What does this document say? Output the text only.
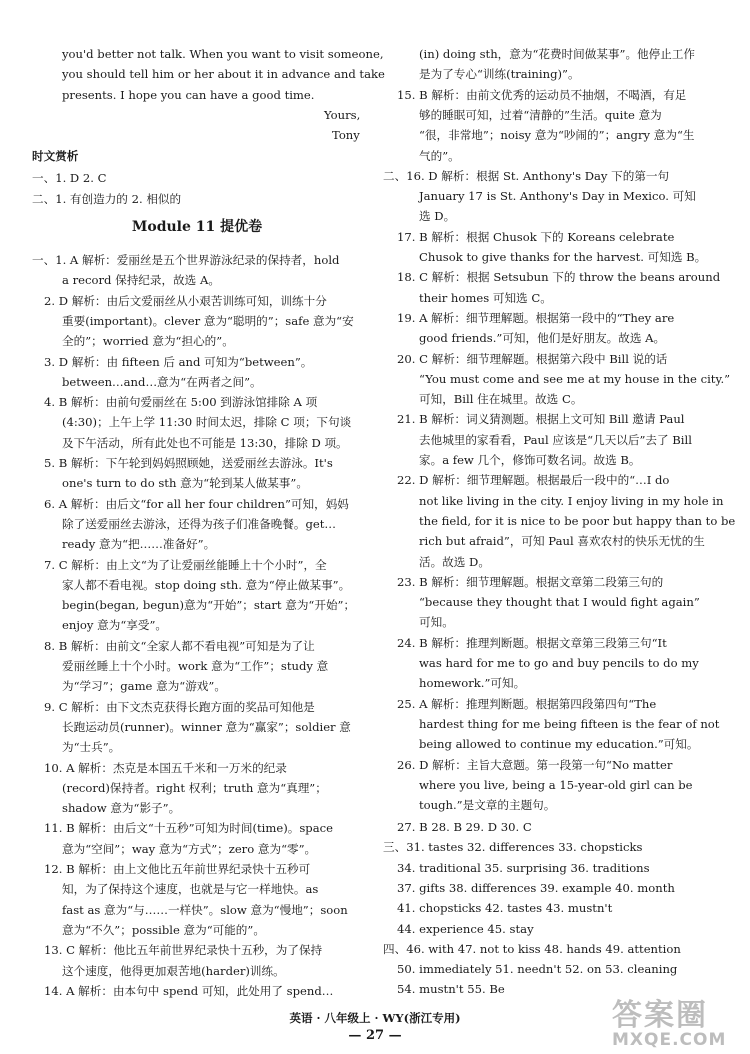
you'd better not talk. When you want to visit someone,
you should tell him or her about it in advance and take
presents. I hope you can have a good time.
Yours,
Tony
时文赏析
一、1. D 2. C
二、1. 有创造力的 2. 相似的
Module 11 提优卷
一、1. A 解析：爱丽丝是五个世界游泳纪录的保持者，hold
a record 保持纪录，故选 A。
2. D 解析：由后文爱丽丝从小艰苦训练可知，训练十分
重要(important)。clever 意为“聪明的”；safe 意为“安
全的”；worried 意为“担心的”。
3. D 解析：由 fifteen 后 and 可知为“between”。
between…and…意为“在两者之间”。
4. B 解析：由前句爱丽丝在 5:00 到游泳馆排除 A 项
(4:30)；上午上学 11:30 时间太迟，排除 C 项；下句谈
及下午活动，所有此处也不可能是 13:30，排除 D 项。
5. B 解析：下午轮到妈妈照顾她，送爱丽丝去游泳。It's
one's turn to do sth 意为“轮到某人做某事”。
6. A 解析：由后文“for all her four children”可知，妈妈
除了送爱丽丝去游泳，还得为孩子们准备晚餐。get…
ready 意为“把……准备好”。
7. C 解析：由上文“为了让爱丽丝能睡上十个小时”，全
家人都不看电视。stop doing sth. 意为“停止做某事”。
begin(began, begun)意为“开始”；start 意为“开始”；
enjoy 意为“享受”。
8. B 解析：由前文“全家人都不看电视”可知是为了让
爱丽丝睡上十个小时。work 意为“工作”；study 意
为“学习”；game 意为“游戏”。
9. C 解析：由下文杰克获得长跑方面的奖品可知他是
长跑运动员(runner)。winner 意为“赢家”；soldier 意
为“士兵”。
10. A 解析：杰克是本国五千米和一万米的纪录
(record)保持者。right 权利；truth 意为“真理”；
shadow 意为“影子”。
11. B 解析：由后文“十五秒”可知为时间(time)。space
意为“空间”；way 意为“方式”；zero 意为“零”。
12. B 解析：由上文他比五年前世界纪录快十五秒可
知，为了保持这个速度，也就是与它一样地快。as
fast as 意为“与……一样快”。slow 意为“慢地”；soon
意为“不久”；possible 意为“可能的”。
13. C 解析：他比五年前世界纪录快十五秒，为了保持
这个速度，他得更加艰苦地(harder)训练。
14. A 解析：由本句中 spend 可知，此处用了 spend…
(in) doing sth，意为“花费时间做某事”。他停止工作
是为了专心“训练(training)”。
15. B 解析：由前文优秀的运动员不抽烟，不喝酒，有足
够的睡眠可知，过着“清静的”生活。quite 意为
“很，非常地”；noisy 意为“吵闹的”；angry 意为“生
气的”。
二、16. D 解析：根据 St. Anthony's Day 下的第一句
January 17 is St. Anthony's Day in Mexico. 可知
选 D。
17. B 解析：根据 Chusok 下的 Koreans celebrate
Chusok to give thanks for the harvest. 可知选 B。
18. C 解析：根据 Setsubun 下的 throw the beans around
their homes 可知选 C。
19. A 解析：细节理解题。根据第一段中的“They are
good friends.”可知，他们是好朋友。故选 A。
20. C 解析：细节理解题。根据第六段中 Bill 说的话
“You must come and see me at my house in the city.”
可知，Bill 住在城里。故选 C。
21. B 解析：词义猜测题。根据上文可知 Bill 邀请 Paul
去他城里的家看看，Paul 应该是“几天以后”去了 Bill
家。a few 几个，修饰可数名词。故选 B。
22. D 解析：细节理解题。根据最后一段中的“…I do
not like living in the city. I enjoy living in my hole in
the field, for it is nice to be poor but happy than to be
rich but afraid”，可知 Paul 喜欢农村的快乐无忧的生
活。故选 D。
23. B 解析：细节理解题。根据文章第二段第三句的
“because they thought that I would fight again”
可知。
24. B 解析：推理判断题。根据文章第三段第三句“It
was hard for me to go and buy pencils to do my
homework.”可知。
25. A 解析：推理判断题。根据第四段第四句“The
hardest thing for me being fifteen is the fear of not
being allowed to continue my education.”可知。
26. D 解析：主旨大意题。第一段第一句“No matter
where you live, being a 15-year-old girl can be
tough.”是文章的主题句。
27. B 28. B 29. D 30. C
三、31. tastes 32. differences 33. chopsticks
34. traditional 35. surprising 36. traditions
37. gifts 38. differences 39. example 40. month
41. chopsticks 42. tastes 43. mustn't
44. experience 45. stay
四、46. with 47. not to kiss 48. hands 49. attention
50. immediately 51. needn't 52. on 53. cleaning
54. mustn't 55. Be
英语 · 八年级上 · WY(浙江专用)
— 27 —
答案圈
MXQE.COM
